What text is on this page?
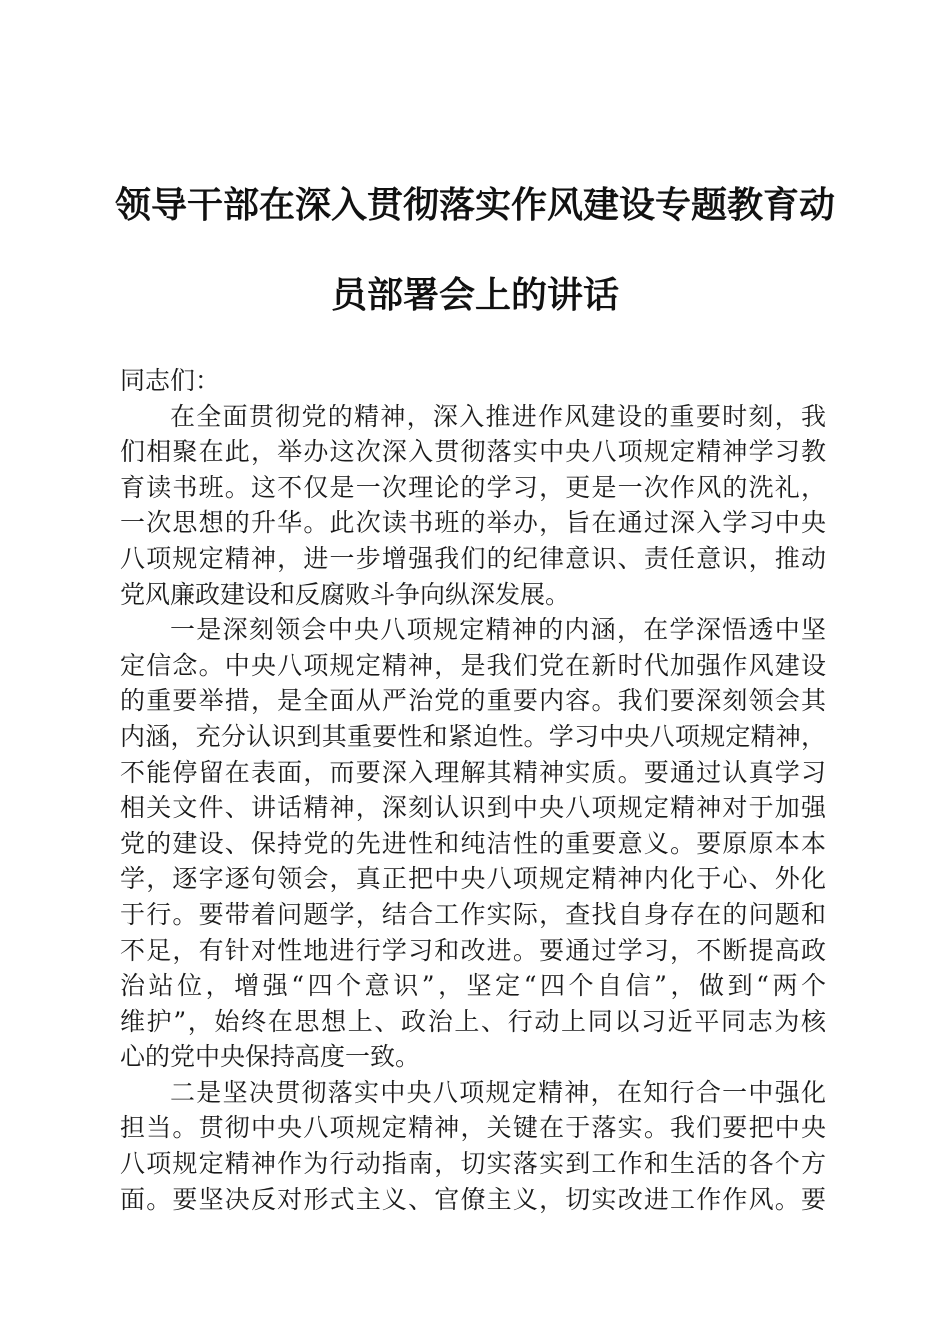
领导干部在深入贯彻落实作风建设专题教育动
员部署会上的讲话

同志们：

在全面贯彻党的精神，深入推进作风建设的重要时刻，我
们相聚在此，举办这次深入贯彻落实中央八项规定精神学习教
育读书班。这不仅是一次理论的学习，更是一次作风的洗礼，
一次思想的升华。此次读书班的举办，旨在通过深入学习中央
八项规定精神，进一步增强我们的纪律意识、责任意识，推动
党风廉政建设和反腐败斗争向纵深发展。

一是深刻领会中央八项规定精神的内涵，在学深悟透中坚
定信念。中央八项规定精神，是我们党在新时代加强作风建设
的重要举措，是全面从严治党的重要内容。我们要深刻领会其
内涵，充分认识到其重要性和紧迫性。学习中央八项规定精神，
不能停留在表面，而要深入理解其精神实质。要通过认真学习
相关文件、讲话精神，深刻认识到中央八项规定精神对于加强
党的建设、保持党的先进性和纯洁性的重要意义。要原原本本
学，逐字逐句领会，真正把中央八项规定精神内化于心、外化
于行。要带着问题学，结合工作实际，查找自身存在的问题和
不足，有针对性地进行学习和改进。要通过学习，不断提高政
治站位，增强“四个意识”，坚定“四个自信”，做到“两个
维护”，始终在思想上、政治上、行动上同以习近平同志为核
心的党中央保持高度一致。

二是坚决贯彻落实中央八项规定精神，在知行合一中强化
担当。贯彻中央八项规定精神，关键在于落实。我们要把中央
八项规定精神作为行动指南，切实落实到工作和生活的各个方
面。要坚决反对形式主义、官僚主义，切实改进工作作风。要
